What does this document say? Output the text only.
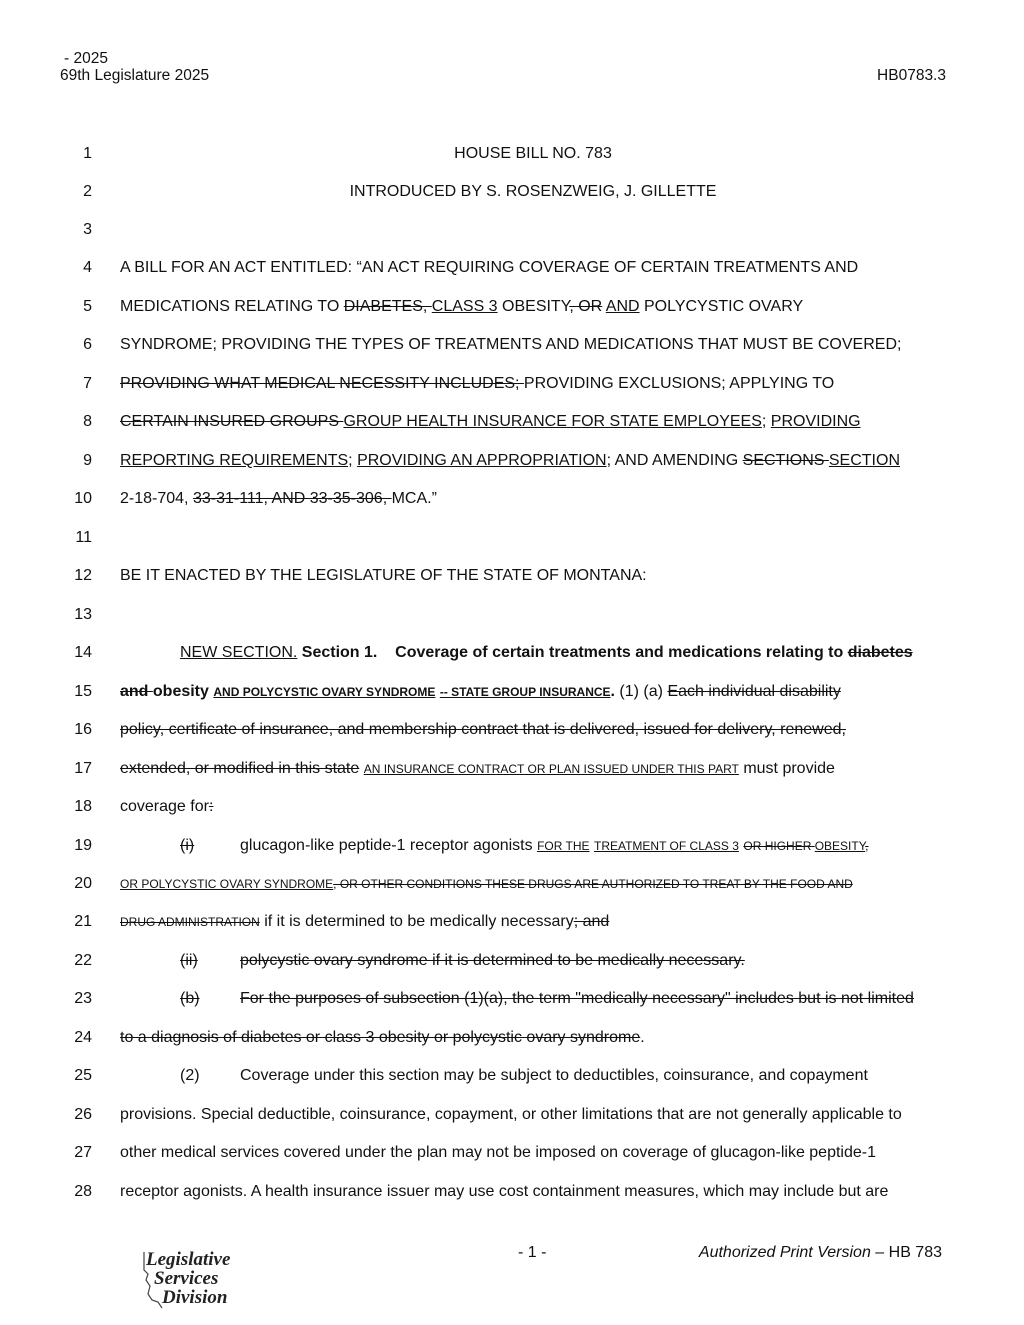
- 2025
69th Legislature 2025	HB0783.3
1	HOUSE BILL NO. 783
2	INTRODUCED BY S. ROSENZWEIG, J. GILLETTE
3
4 A BILL FOR AN ACT ENTITLED: “AN ACT REQUIRING COVERAGE OF CERTAIN TREATMENTS AND
5 MEDICATIONS RELATING TO DIABETES, CLASS 3 OBESITY, OR AND POLYCYSTIC OVARY
6 SYNDROME; PROVIDING THE TYPES OF TREATMENTS AND MEDICATIONS THAT MUST BE COVERED;
7 PROVIDING WHAT MEDICAL NECESSITY INCLUDES; PROVIDING EXCLUSIONS; APPLYING TO
8 CERTAIN INSURED GROUPS GROUP HEALTH INSURANCE FOR STATE EMPLOYEES; PROVIDING
9 REPORTING REQUIREMENTS; PROVIDING AN APPROPRIATION; AND AMENDING SECTIONS SECTION
10 2-18-704, 33-31-111, AND 33-35-306, MCA.”
11
12 BE IT ENACTED BY THE LEGISLATURE OF THE STATE OF MONTANA:
13
14	NEW SECTION. Section 1. Coverage of certain treatments and medications relating to diabetes
15 and obesity AND POLYCYSTIC OVARY SYNDROME -- STATE GROUP INSURANCE. (1) (a) Each individual disability
16 policy, certificate of insurance, and membership contract that is delivered, issued for delivery, renewed,
17 extended, or modified in this state AN INSURANCE CONTRACT OR PLAN ISSUED UNDER THIS PART must provide
18 coverage for:
19	(i)	glucagon-like peptide-1 receptor agonists FOR THE TREATMENT OF CLASS 3 OR HIGHER OBESITY,
20 OR POLYCYSTIC OVARY SYNDROME, OR OTHER CONDITIONS THESE DRUGS ARE AUTHORIZED TO TREAT BY THE FOOD AND
21 DRUG ADMINISTRATION if it is determined to be medically necessary; and
22	(ii)	polycystic ovary syndrome if it is determined to be medically necessary.
23	(b)	For the purposes of subsection (1)(a), the term "medically necessary" includes but is not limited
24 to a diagnosis of diabetes or class 3 obesity or polycystic ovary syndrome.
25	(2)	Coverage under this section may be subject to deductibles, coinsurance, and copayment
26 provisions. Special deductible, coinsurance, copayment, or other limitations that are not generally applicable to
27 other medical services covered under the plan may not be imposed on coverage of glucagon-like peptide-1
28 receptor agonists. A health insurance issuer may use cost containment measures, which may include but are
Legislative
Services
Division
- 1 -	Authorized Print Version – HB 783
